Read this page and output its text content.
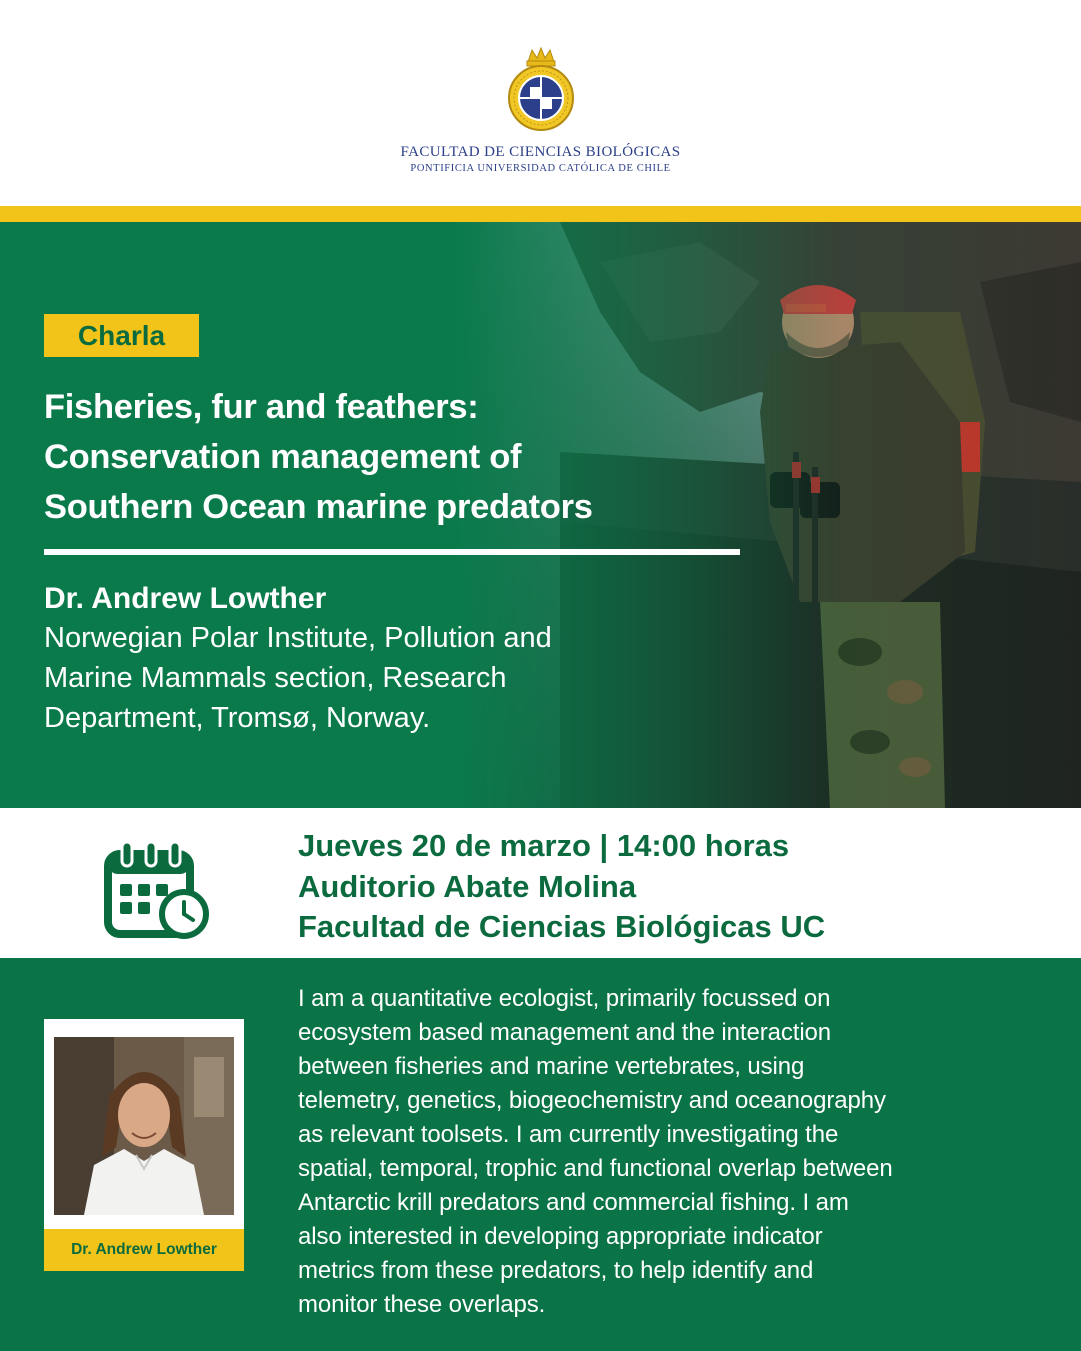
FACULTAD DE CIENCIAS BIOLÓGICAS
PONTIFICIA UNIVERSIDAD CATÓLICA DE CHILE
Charla
Fisheries, fur and feathers:
Conservation management of
Southern Ocean marine predators
Dr. Andrew Lowther
Norwegian Polar Institute, Pollution and
Marine Mammals section, Research
Department, Tromsø, Norway.
Jueves 20 de marzo | 14:00 horas
Auditorio Abate Molina
Facultad de Ciencias Biológicas UC
Dr. Andrew Lowther
I am a quantitative ecologist, primarily focussed on
ecosystem based management and the interaction
between fisheries and marine vertebrates, using
telemetry, genetics, biogeochemistry and oceanography
as relevant toolsets. I am currently investigating the
spatial, temporal, trophic and functional overlap between
Antarctic krill predators and commercial fishing. I am
also interested in developing appropriate indicator
metrics from these predators, to help identify and
monitor these overlaps.
